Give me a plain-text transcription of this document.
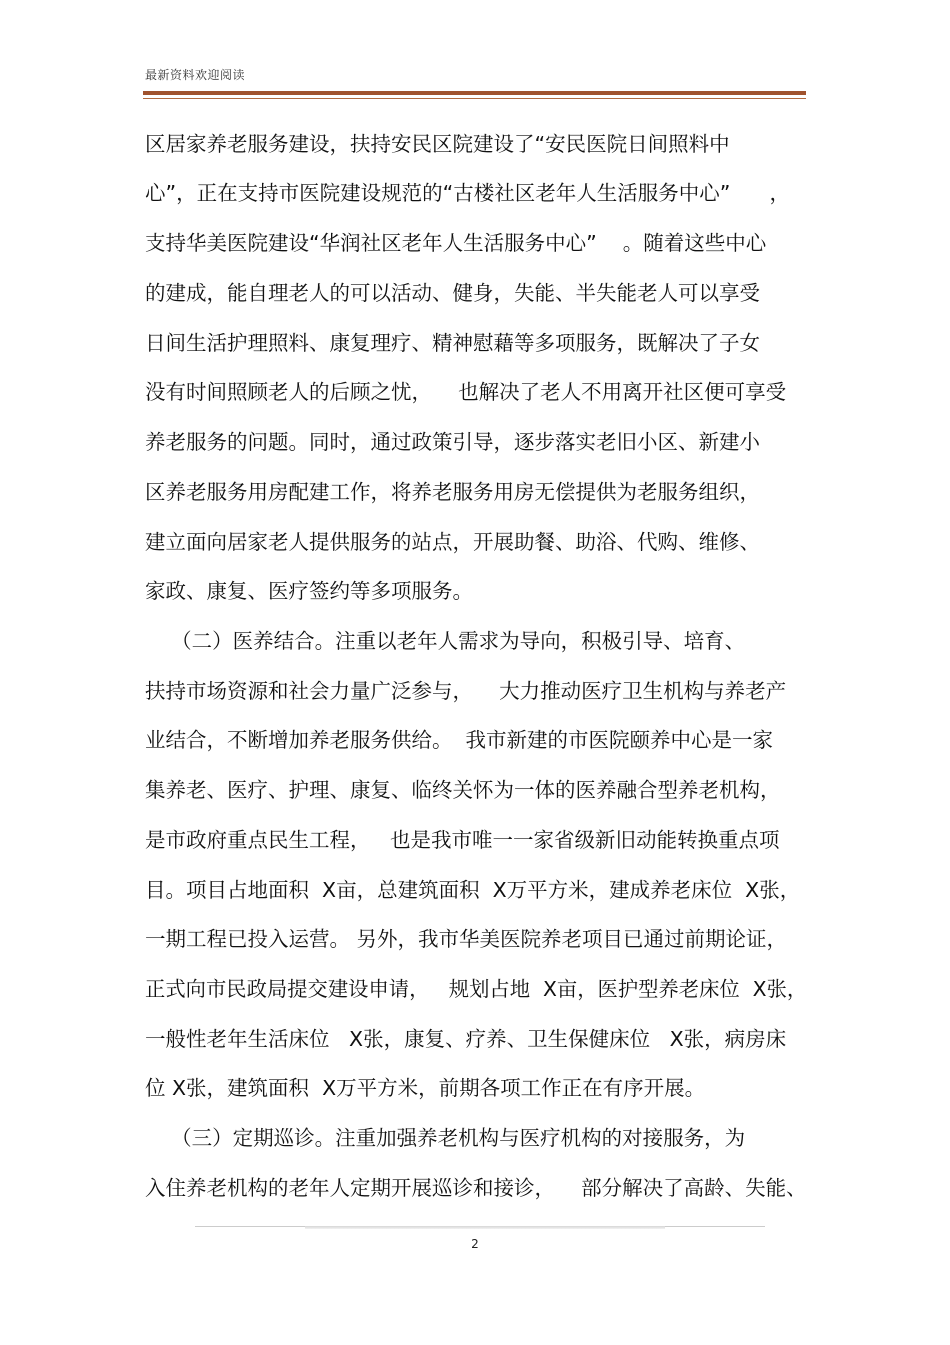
最新资料欢迎阅读
区居家养老服务建设，扶持安民区院建设了“安民医院日间照料中
心”，正在支持市医院建设规范的“古楼社区老年人生活服务中心”      ，
支持华美医院建设“华润社区老年人生活服务中心”    。随着这些中心
的建成，能自理老人的可以活动、健身，失能、半失能老人可以享受
日间生活护理照料、康复理疗、精神慰藉等多项服务，既解决了子女
没有时间照顾老人的后顾之忧，    也解决了老人不用离开社区便可享受
养老服务的问题。同时，通过政策引导，逐步落实老旧小区、新建小
区养老服务用房配建工作，将养老服务用房无偿提供为老服务组织，
建立面向居家老人提供服务的站点，开展助餐、助浴、代购、维修、
家政、康复、医疗签约等多项服务。
（二）医养结合。注重以老年人需求为导向，积极引导、培育、
扶持市场资源和社会力量广泛参与，    大力推动医疗卫生机构与养老产
业结合，不断增加养老服务供给。  我市新建的市医院颐养中心是一家
集养老、医疗、护理、康复、临终关怀为一体的医养融合型养老机构，
是市政府重点民生工程，   也是我市唯一一家省级新旧动能转换重点项
目。项目占地面积  X亩，总建筑面积  X万平方米，建成养老床位  X张，
一期工程已投入运营。 另外，我市华美医院养老项目已通过前期论证，
正式向市民政局提交建设申请，   规划占地  X亩，医护型养老床位  X张，
一般性老年生活床位   X张，康复、疗养、卫生保健床位   X张，病房床
位 X张，建筑面积  X万平方米，前期各项工作正在有序开展。
（三）定期巡诊。注重加强养老机构与医疗机构的对接服务，为
入住养老机构的老年人定期开展巡诊和接诊，    部分解决了高龄、失能、
2
